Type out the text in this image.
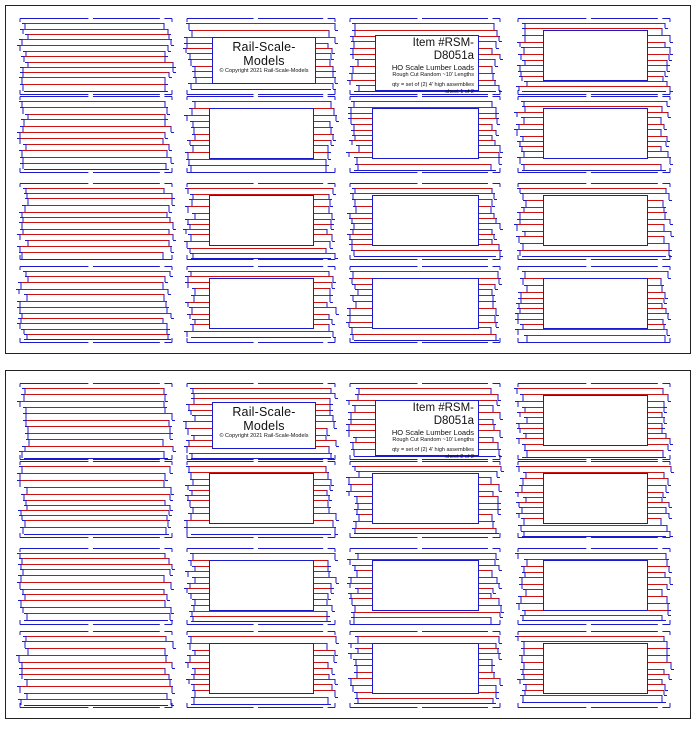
Rail-Scale-Models
© Copyright 2021 Rail-Scale-Models
Item #RSM-D8051a
HO Scale Lumber Loads
Rough Cut Random ~10' Lengths
qty = set of (2) 4' high assemblies
sheet 1 of 2
Rail-Scale-Models
© Copyright 2021 Rail-Scale-Models
Item #RSM-D8051a
HO Scale Lumber Loads
Rough Cut Random ~10' Lengths
qty = set of (2) 4' high assemblies
sheet 2 of 2
